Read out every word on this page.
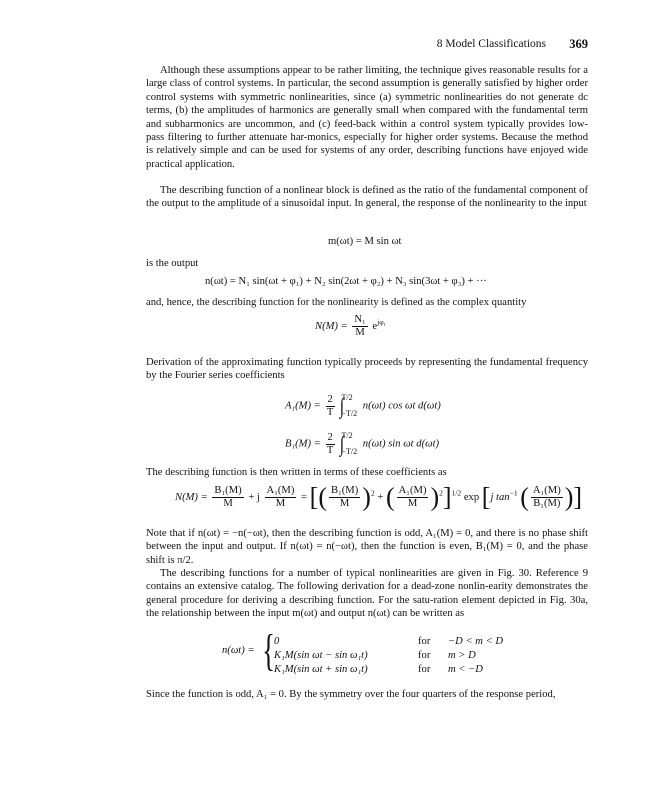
8 Model Classifications 369
Although these assumptions appear to be rather limiting, the technique gives reasonable results for a large class of control systems. In particular, the second assumption is generally satisfied by higher order control systems with symmetric nonlinearities, since (a) symmetric nonlinearities do not generate dc terms, (b) the amplitudes of harmonics are generally small when compared with the fundamental term and subharmonics are uncommon, and (c) feed-back within a control system typically provides low-pass filtering to further attenuate har-monics, especially for higher order systems. Because the method is relatively simple and can be used for systems of any order, describing functions have enjoyed wide practical application.
The describing function of a nonlinear block is defined as the ratio of the fundamental component of the output to the amplitude of a sinusoidal input. In general, the response of the nonlinearity to the input
m(ωt) = M sin ωt
is the output
n(ωt) = N₁ sin(ωt + φ₁) + N₂ sin(2ωt + φ₂) + N₃ sin(3ωt + φ₃) + ···
and, hence, the describing function for the nonlinearity is defined as the complex quantity
$N(M) = \frac{\text{N₁}}{M} e^{j\varphi_1}$
Derivation of the approximating function typically proceeds by representing the fundamental frequency by the Fourier series coefficients
$A_1(M) = \frac{2}{T}$ ∫
T/2
−T/2
n(ωt) cos ωt d(ωt)
$B_1(M) = \frac{2}{T}$ ∫
T/2
−T/2
n(ωt) sin ωt d(ωt)
The describing function is then written in terms of these coefficients as
$N(M) = \frac{\text{B₁(M)}}{M} + j \frac{\text{A₁(M)}}{M}$ = [( $\frac{\text{B₁(M)}}{M} )^2$ + ( $\frac{\text{A₁(M)}}{M} )^2]^{1/2}$ exp [j $\tan^{-1}$ ( $\frac{\text{A₁(M)}}{\text{B₁(M)}}$ )]
Note that if n(ωt) = −n(−ωt), then the describing function is odd, A₁(M) = 0, and there is no phase shift between the input and output. If n(ωt) = n(−ωt), then the function is even, B₁(M) = 0, and the phase shift is π/2.
The describing functions for a number of typical nonlinearities are given in Fig. 30. Reference 9 contains an extensive catalog. The following derivation for a dead-zone nonlin-earity demonstrates the general procedure for deriving a describing function. For the satu-ration element depicted in Fig. 30a, the relationship between the input m(ωt) and output n(ωt) can be written as
n(ωt) = { 0	for	−D < m < D
K₁M(sin ωt − sin ω₁t)	for	m > D
K₁M(sin ωt + sin ω₁t)	for	m < −D
Since the function is odd, A₁ = 0. By the symmetry over the four quarters of the response period,
